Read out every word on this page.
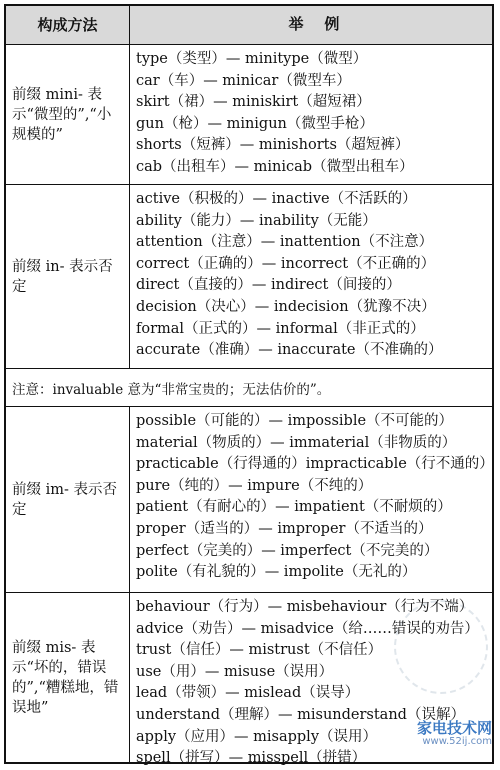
构成方法	举    例
前缀 mini- 表示“微型的”,“小规模的”
type（类型）— minitype（微型）
car（车）— minicar（微型车）
skirt（裙）— miniskirt（超短裙）
gun（枪）— minigun（微型手枪）
shorts（短裤）— minishorts（超短裤）
cab（出租车）— minicab（微型出租车）
前缀 in- 表示否定
active（积极的）— inactive（不活跃的）
ability（能力）— inability（无能）
attention（注意）— inattention（不注意）
correct（正确的）— incorrect（不正确的）
direct（直接的）— indirect（间接的）
decision（决心）— indecision（犹豫不决）
formal（正式的）— informal（非正式的）
accurate（准确）— inaccurate（不准确的）
注意：invaluable 意为“非常宝贵的；无法估价的”。
前缀 im- 表示否定
possible（可能的）— impossible（不可能的）
material（物质的）— immaterial（非物质的）
practicable（行得通的）impracticable（行不通的）
pure（纯的）— impure（不纯的）
patient（有耐心的）— impatient（不耐烦的）
proper（适当的）— improper（不适当的）
perfect（完美的）— imperfect（不完美的）
polite（有礼貌的）— impolite（无礼的）
前缀 mis- 表示“坏的，错误的”,“糟糕地，错误地”
behaviour（行为）— misbehaviour（行为不端）
advice（劝告）— misadvice（给……错误的劝告）
trust（信任）— mistrust（不信任）
use（用）— misuse（误用）
lead（带领）— mislead（误导）
understand（理解）— misunderstand（误解）
apply（应用）— misapply（误用）
spell（拼写）— misspell（拼错）
家电技术网
www.52ij.com
